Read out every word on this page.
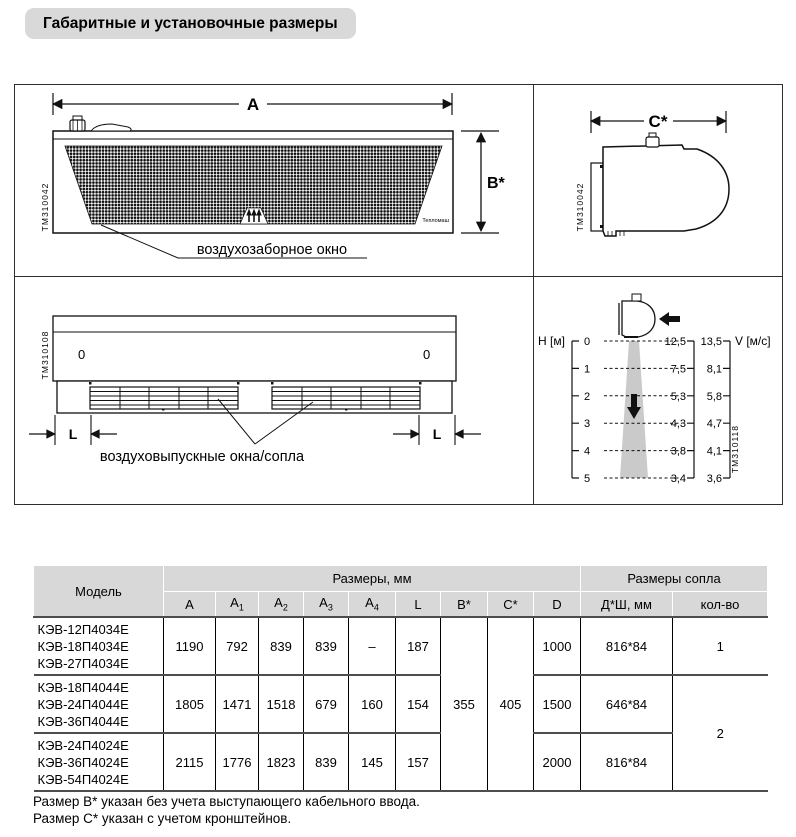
Габаритные и установочные размеры
A
Тепломаш
B*
ТМ310042
воздухозаборное окно
C*
ТМ310042
0	0
L	L
ТМ310108
воздуховыпускные окна/сопла
H [м] 0
1
2
3
4
5
12,5
7,5
5,3
4,3
3,8
3,4
13,5
8,1
5,8
4,7
4,1
3,6
V [м/с]
ТМ310118
Модель	Размеры, мм									Размеры сопла	
	А	$А_1$	$А_2$	$А_3$	$А_4$	L	B*	C*	D	Д*Ш, мм	кол-во

КЭВ-12П4034Е
КЭВ-18П4034Е
КЭВ-27П4034Е	1190	792	839	839	–	187	355	405	1000	816*84	1

КЭВ-18П4044Е
КЭВ-24П4044Е
КЭВ-36П4044Е	1805	1471	1518	679	160	154			1500	646*84	2

КЭВ-24П4024Е
КЭВ-36П4024Е
КЭВ-54П4024Е	2115	1776	1823	839	145	157			2000	816*84	
Размер В* указан без учета выступающего кабельного ввода.
Размер С* указан с учетом кронштейнов.
